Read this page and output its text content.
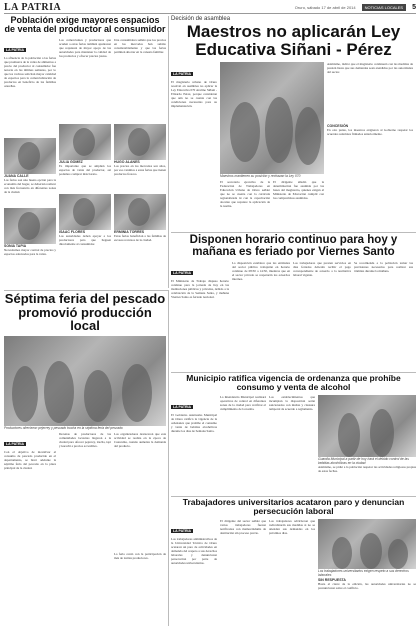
LA PATRIA	Oruro, sábado 17 de abril de 2014	NOTICIAS LOCALES	5
Población exige mayores espacios de venta del productor al consumidor
LA PATRIA
La afluencia de la población a las ferias que promueve de la venta de alimentos a precio del productor al consumidor fue notoria en las últimas semanas, por lo que los vecinos solicitan mayor cantidad de espacios para la comercialización de productos en beneficio de las familias orureñas.
JUANA CALLE
Las ferias son una buena opción para la economía del hogar, se deberían realizar con más frecuencia en diferentes zonas de la ciudad.
SONIA TAPIA
Necesitamos mayor control de precios y espacios adecuados para la venta.
Los comerciantes y productores que acuden a estas ferias también apuntaron que requieren de mayor apoyo de las autoridades para mantener la calidad de los productos y ofrecer precios justos.
JULIA GÓMEZ
Es importante que se amplíen los espacios de venta del productor, así podemos comprar más barato.
ISAAC FLORES
Las autoridades deben apoyar a los productores para que lleguen directamente al consumidor.
Una consumidora señaló que los precios en los mercados han subido considerablemente y que las ferias permiten ahorrar en la canasta familiar.
HUGO ALANES
Los precios en los mercados son altos, por eso venimos a estas ferias que tienen productos frescos.
ERMINIA TORRES
Estas ferias benefician a las familias de escasos recursos de la ciudad.
Decisión de asamblea
Maestros no aplicarán Ley Educativa Siñani - Pérez
LA PATRIA
El magisterio urbano de Oruro resolvió en asamblea no aplicar la Ley Educativa 070 Avelino Siñani - Elizardo Pérez, porque consideran que aún no se cuenta con las condiciones necesarias para su implementación.
Maestros mantienen su posición y rechazan la Ley 070
El secretario ejecutivo de la Federación de Trabajadores en Educación Urbana de Oruro señaló que no se cuenta con la currícula regionalizada ni con la capacitación docente que requiere la aplicación de la norma.
El dirigente añadió que la determinación fue asumida por las bases del magisterio, quienes exigen al Ministerio de Educación cumplir con los compromisos asumidos.
Asimismo, indicó que el magisterio continuará con las medidas de presión hasta que sus demandas sean atendidas por las autoridades del sector.
CONCESIÓN
En otro punto, los maestros exigieron al Gobierno respetar los acuerdos salariales firmados anteriormente.
Disponen horario continuo para hoy y mañana es feriado por Viernes Santo
LA PATRIA
El Ministerio de Trabajo dispuso horario continuo para la jornada de hoy en las instituciones públicas y privadas, debido a la celebración de la Semana Santa, y mañana Viernes Santo es feriado nacional.
La disposición establece que las entidades del sector público trabajarán en horario continuo de 08:30 a 14:30, mientras que en el sector privado se respetarán los acuerdos internos.
Los trabajadores que presten servicios en días feriados deberán recibir el pago correspondiente de acuerdo a la normativa laboral vigente.
Se recomienda a la población tomar las previsiones necesarias para realizar sus trámites durante la mañana.
Séptima feria del pescado promovió producción local
Productores ofrecieron pejerrey y pescado trucha en la séptima feria del pescado
LA PATRIA
Con el objetivo de incentivar el consumo de pescado producido en el departamento, se llevó adelante la séptima feria del pescado en la plaza principal de la ciudad.
Decenas de productores de las comunidades lacustres llegaron a la ciudad para ofrecer pejerrey, trucha, ispi y karachi a precios accesibles.
Los organizadores destacaron que esta actividad se realiza en la época de Cuaresma, cuando aumenta la demanda del producto.
La feria contó con la participación de más de treinta productores.
Municipio ratifica vigencia de ordenanza que prohíbe consumo y venta de alcohol
LA PATRIA
El Gobierno Autónomo Municipal de Oruro ratificó la vigencia de la ordenanza que prohíbe el consumo y venta de bebidas alcohólicas durante los días de Semana Santa.
La Intendencia Municipal realizará operativos de control en diferentes zonas de la ciudad para verificar el cumplimiento de la norma.
Los establecimientos que incumplan la disposición serán sancionados con multas y clausura temporal de acuerdo a reglamento.
Guardia Municipal a partir de hoy hará el debido control de las bebidas alcohólicas en la ciudad
Asimismo, se pidió a la población respetar las actividades religiosas propias de estas fechas.
Trabajadores universitarios acataron paro y denuncian persecución laboral
LA PATRIA
Los trabajadores administrativos de la Universidad Técnica de Oruro acataron un paro de actividades en demanda del respeto a sus derechos laborales y denunciaron persecución por parte de autoridades universitarias.
El dirigente del sector señaló que varios trabajadores fueron notificados con memorándums de destitución sin proceso previo.
Los trabajadores advirtieron que radicalizarán sus medidas si no se atienden sus demandas en los próximos días.
Los trabajadores universitarios exigen respeto a sus derechos laborales
SIN RESPUESTA
Hasta el cierre de la edición, las autoridades universitarias no se pronunciaron sobre el conflicto.
